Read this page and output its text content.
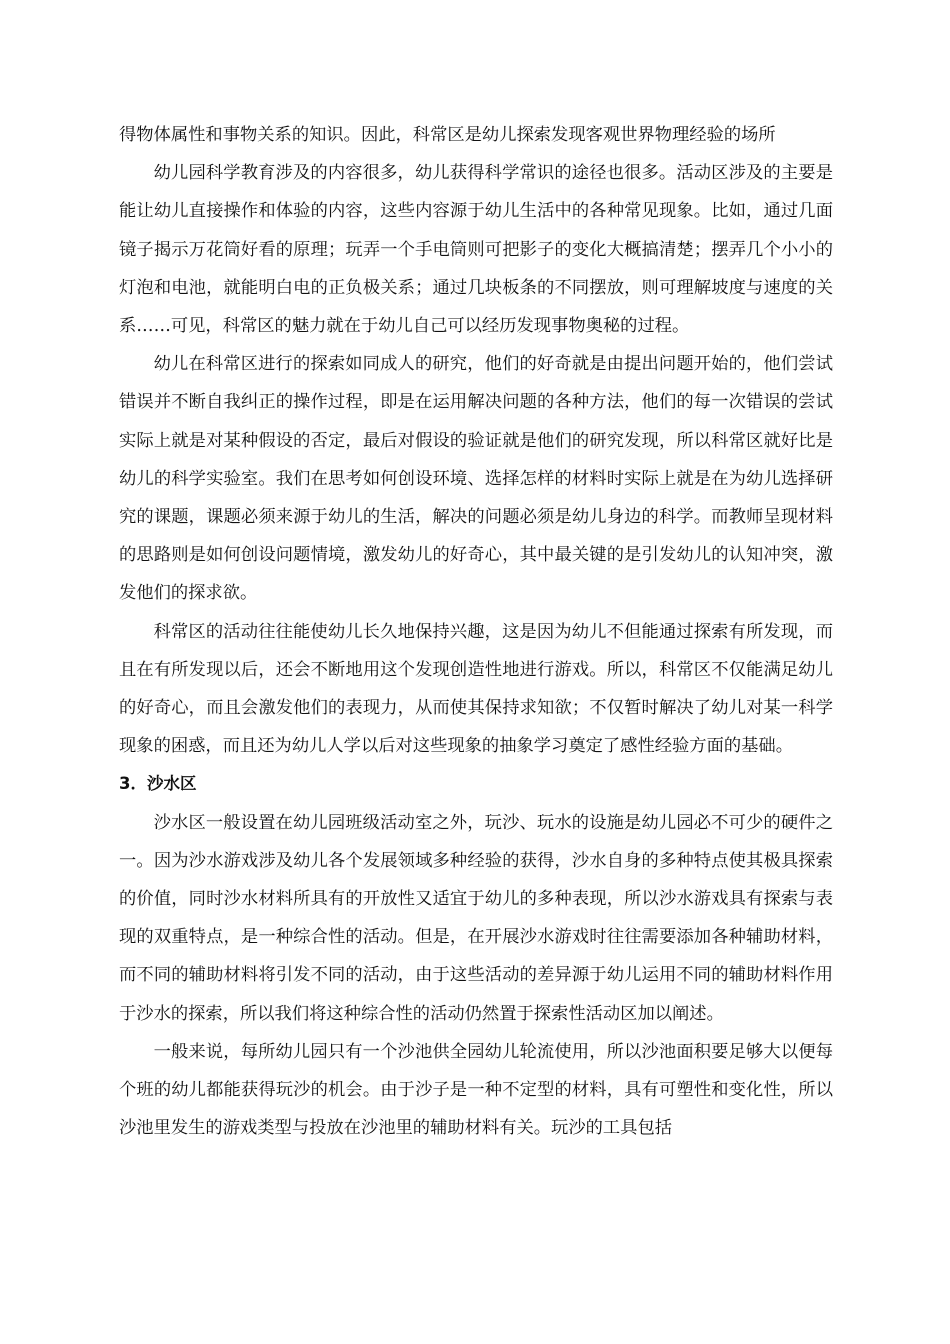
得物体属性和事物关系的知识。因此，科常区是幼儿探索发现客观世界物理经验的场所

幼儿园科学教育涉及的内容很多，幼儿获得科学常识的途径也很多。活动区涉及的主要是能让幼儿直接操作和体验的内容，这些内容源于幼儿生活中的各种常见现象。比如，通过几面镜子揭示万花筒好看的原理；玩弄一个手电筒则可把影子的变化大概搞清楚；摆弄几个小小的灯泡和电池，就能明白电的正负极关系；通过几块板条的不同摆放，则可理解坡度与速度的关系……可见，科常区的魅力就在于幼儿自己可以经历发现事物奥秘的过程。

幼儿在科常区进行的探索如同成人的研究，他们的好奇就是由提出问题开始的，他们尝试错误并不断自我纠正的操作过程，即是在运用解决问题的各种方法，他们的每一次错误的尝试实际上就是对某种假设的否定，最后对假设的验证就是他们的研究发现，所以科常区就好比是幼儿的科学实验室。我们在思考如何创设环境、选择怎样的材料时实际上就是在为幼儿选择研究的课题，课题必须来源于幼儿的生活，解决的问题必须是幼儿身边的科学。而教师呈现材料的思路则是如何创设问题情境，激发幼儿的好奇心，其中最关键的是引发幼儿的认知冲突，激发他们的探求欲。

科常区的活动往往能使幼儿长久地保持兴趣，这是因为幼儿不但能通过探索有所发现，而且在有所发现以后，还会不断地用这个发现创造性地进行游戏。所以，科常区不仅能满足幼儿的好奇心，而且会激发他们的表现力，从而使其保持求知欲；不仅暂时解决了幼儿对某一科学现象的困惑，而且还为幼儿人学以后对这些现象的抽象学习奠定了感性经验方面的基础。

3．沙水区

沙水区一般设置在幼儿园班级活动室之外，玩沙、玩水的设施是幼儿园必不可少的硬件之一。因为沙水游戏涉及幼儿各个发展领域多种经验的获得，沙水自身的多种特点使其极具探索的价值，同时沙水材料所具有的开放性又适宜于幼儿的多种表现，所以沙水游戏具有探索与表现的双重特点，是一种综合性的活动。但是，在开展沙水游戏时往往需要添加各种辅助材料，而不同的辅助材料将引发不同的活动，由于这些活动的差异源于幼儿运用不同的辅助材料作用于沙水的探索，所以我们将这种综合性的活动仍然置于探索性活动区加以阐述。

一般来说，每所幼儿园只有一个沙池供全园幼儿轮流使用，所以沙池面积要足够大以便每个班的幼儿都能获得玩沙的机会。由于沙子是一种不定型的材料，具有可塑性和变化性，所以沙池里发生的游戏类型与投放在沙池里的辅助材料有关。玩沙的工具包括
